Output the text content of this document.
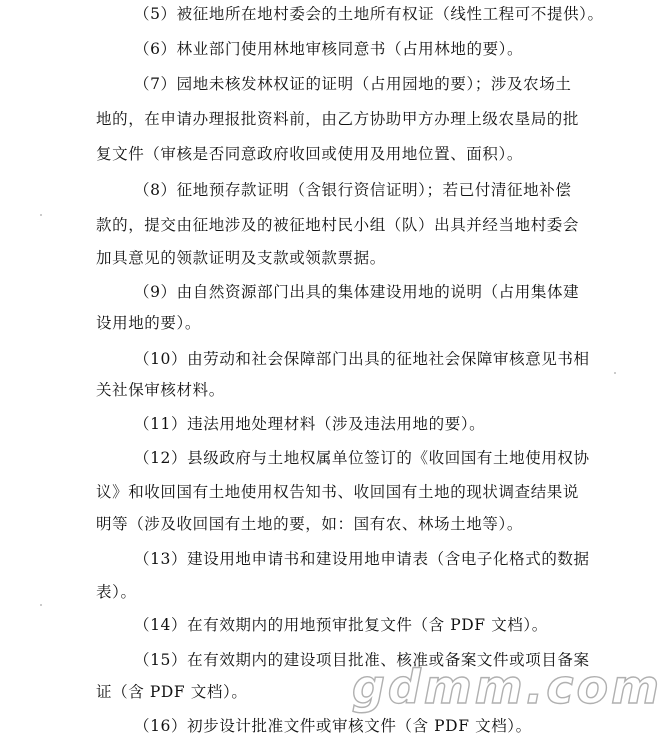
（5）被征地所在地村委会的土地所有权证（线性工程可不提供）。
（6）林业部门使用林地审核同意书（占用林地的要）。
（7）园地未核发林权证的证明（占用园地的要）；涉及农场土
地的，在申请办理报批资料前，由乙方协助甲方办理上级农垦局的批
复文件（审核是否同意政府收回或使用及用地位置、面积）。
（8）征地预存款证明（含银行资信证明）；若已付清征地补偿
款的，提交由征地涉及的被征地村民小组（队）出具并经当地村委会
加具意见的领款证明及支款或领款票据。
（9）由自然资源部门出具的集体建设用地的说明（占用集体建
设用地的要）。
（10）由劳动和社会保障部门出具的征地社会保障审核意见书相
关社保审核材料。
（11）违法用地处理材料（涉及违法用地的要）。
（12）县级政府与土地权属单位签订的《收回国有土地使用权协
议》和收回国有土地使用权告知书、收回国有土地的现状调查结果说
明等（涉及收回国有土地的要，如：国有农、林场土地等）。
（13）建设用地申请书和建设用地申请表（含电子化格式的数据
表）。
（14）在有效期内的用地预审批复文件（含 PDF 文档）。
（15）在有效期内的建设项目批准、核准或备案文件或项目备案
证（含 PDF 文档）。
（16）初步设计批准文件或审核文件（含 PDF 文档）。
gdmm.com
